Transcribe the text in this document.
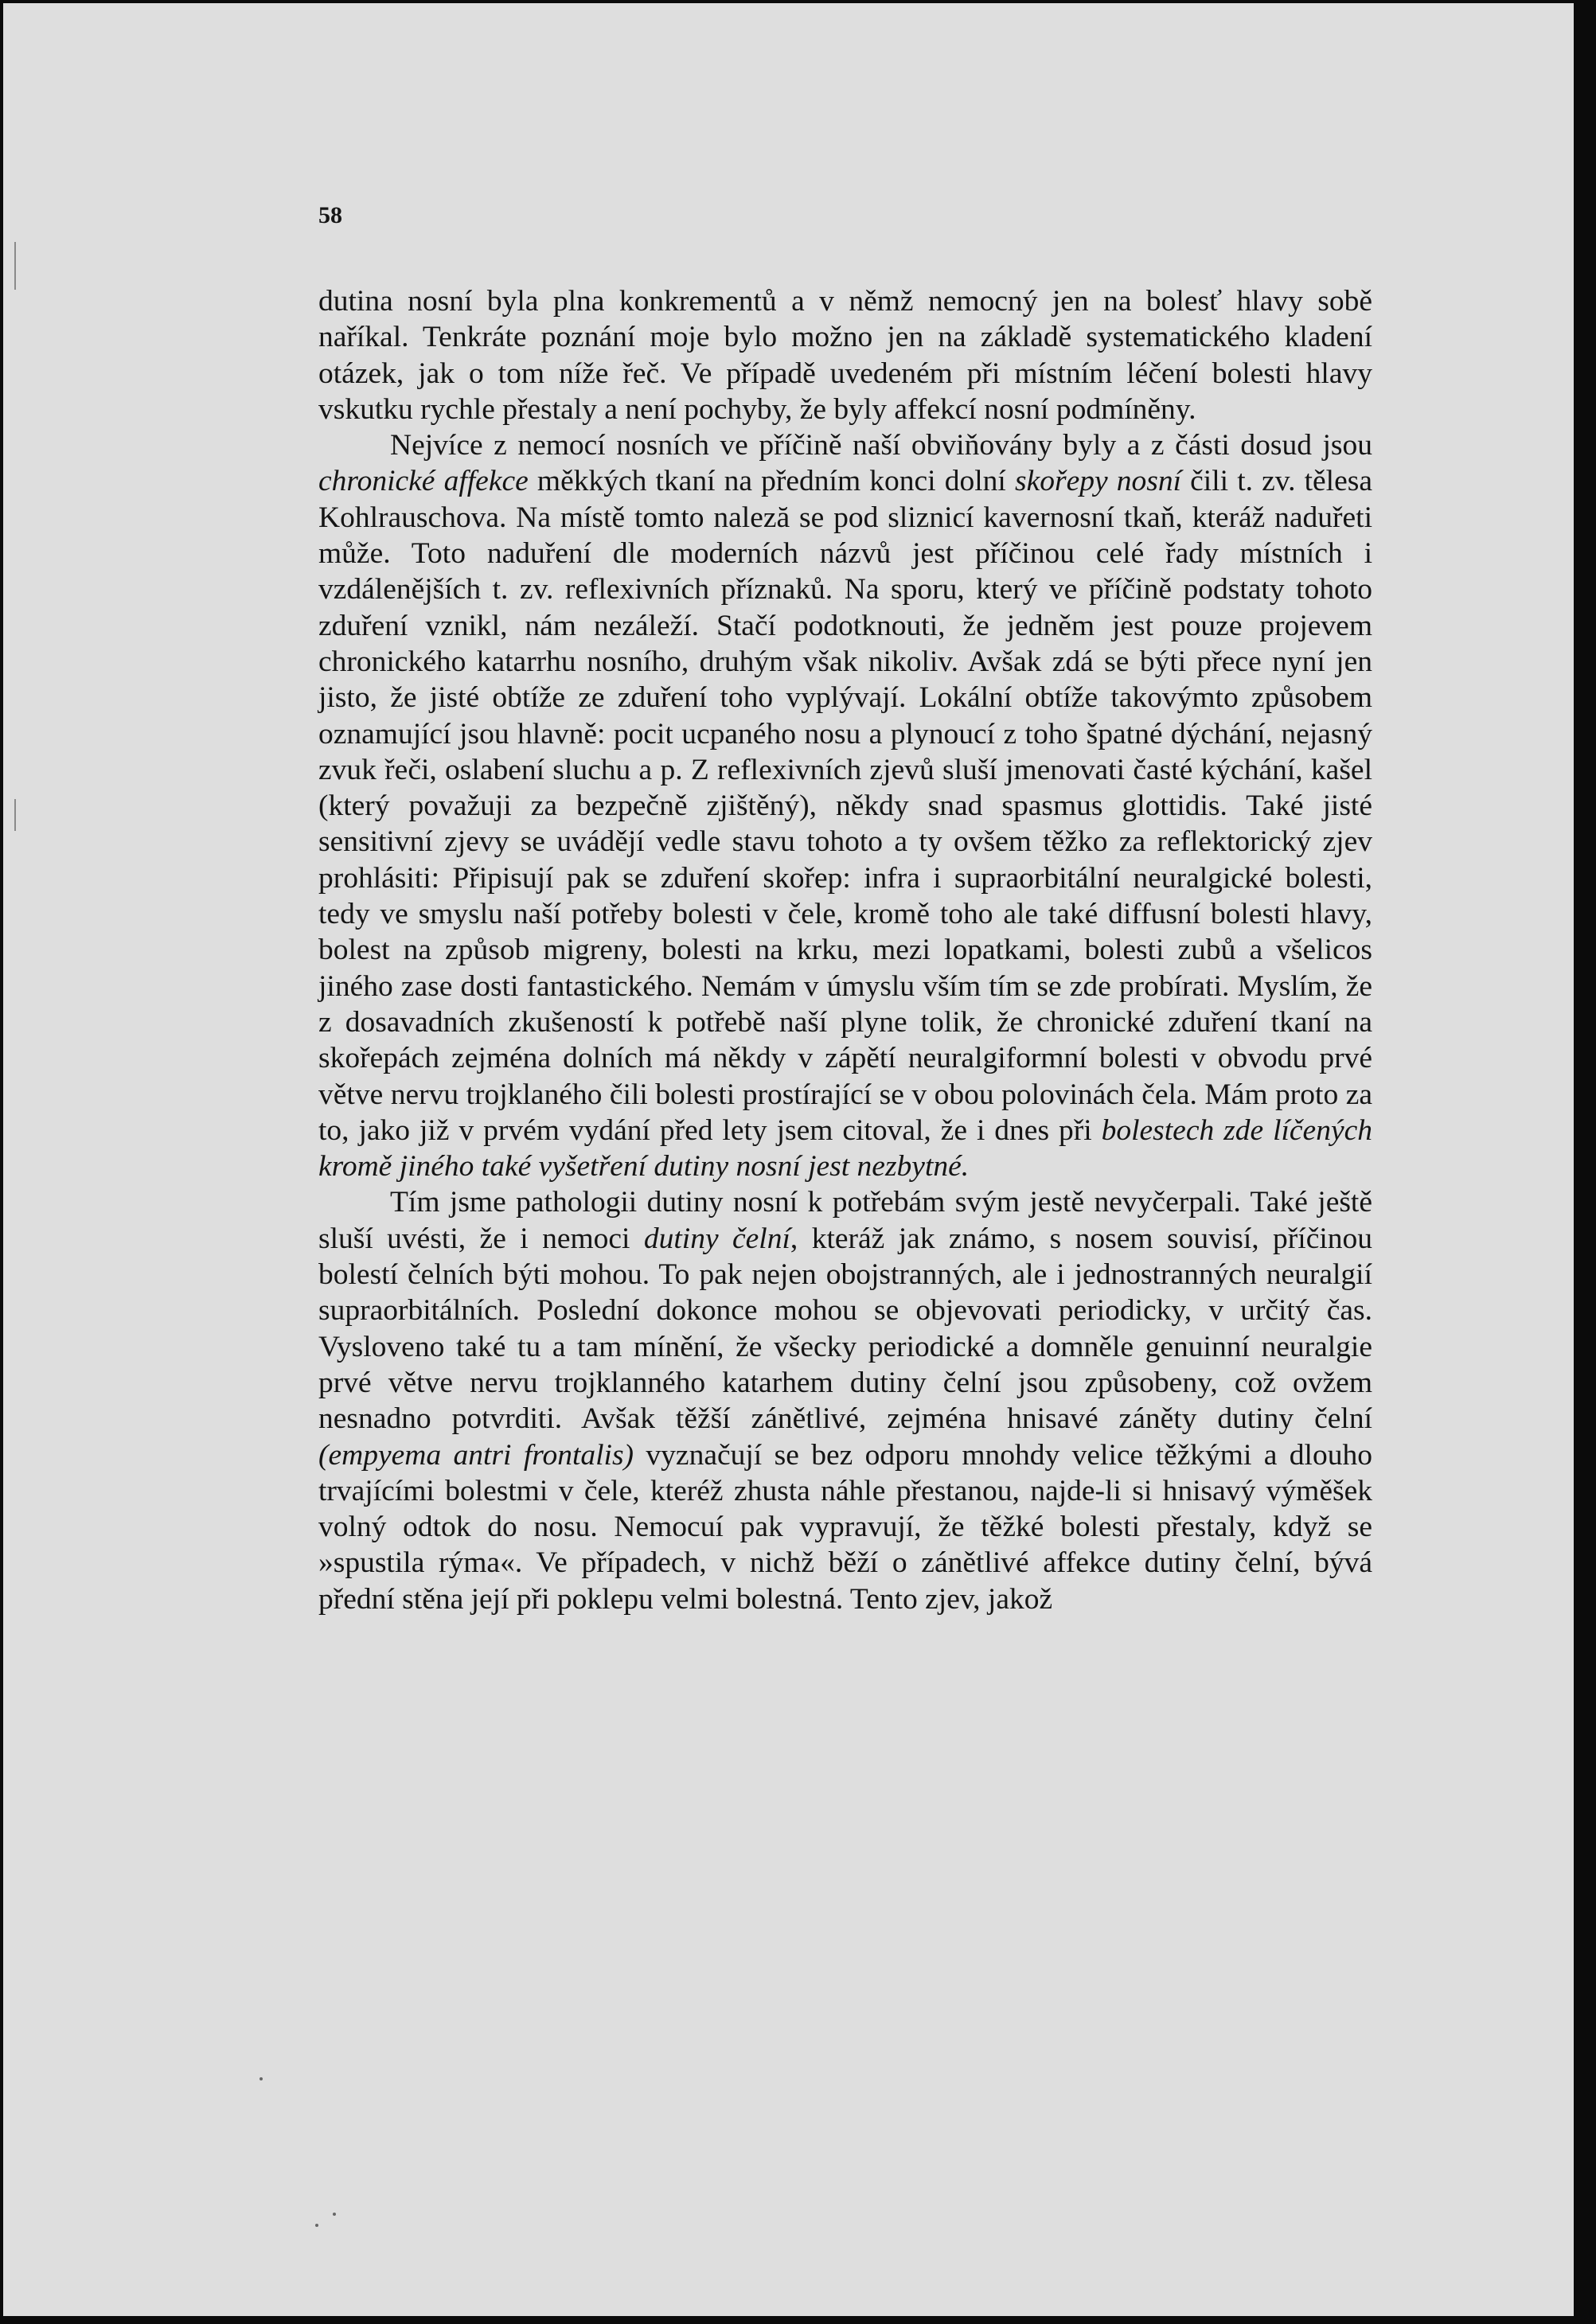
58

dutina nosní byla plna konkrementů a v němž nemocný jen na bolesť hlavy sobě naříkal. Tenkráte poznání moje bylo možno jen na základě systematického kladení otázek, jak o tom níže řeč. Ve případě uvedeném při místním léčení bolesti hlavy vskutku rychle přestaly a není pochyby, že byly affekcí nosní podmíněny.

Nejvíce z nemocí nosních ve příčině naší obviňovány byly a z části dosud jsou chronické affekce měkkých tkaní na předním konci dolní skořepy nosní čili t. zv. tělesa Kohlrauschova. Na místě tomto naleză se pod sliznicí kavernosní tkaň, kteráž naduřeti může. Toto naduření dle moderních názvů jest příčinou celé řady místních i vzdálenějších t. zv. reflexivních příznaků. Na sporu, který ve příčině podstaty tohoto zduření vznikl, nám nezáleží. Stačí podotknouti, že jedněm jest pouze projevem chronického katarrhu nosního, druhým však nikoliv. Avšak zdá se býti přece nyní jen jisto, že jisté obtíže ze zduření toho vyplývají. Lokální obtíže takovýmto způsobem oznamující jsou hlavně: pocit ucpaného nosu a plynoucí z toho špatné dýchání, nejasný zvuk řeči, oslabení sluchu a p. Z reflexivních zjevů sluší jmenovati časté kýchání, kašel (který považuji za bezpečně zjištěný), někdy snad spasmus glottidis. Také jisté sensitivní zjevy se uvádějí vedle stavu tohoto a ty ovšem těžko za reflektorický zjev prohlásiti: Připisují pak se zduření skořep: infra i supraorbitální neuralgické bolesti, tedy ve smyslu naší potřeby bolesti v čele, kromě toho ale také diffusní bolesti hlavy, bolest na způsob migreny, bolesti na krku, mezi lopatkami, bolesti zubů a všelicos jiného zase dosti fantastického. Nemám v úmyslu vším tím se zde probírati. Myslím, že z dosavadních zkušeností k potřebě naší plyne tolik, že chronické zduření tkaní na skořepách zejména dolních má někdy v zápětí neuralgiformní bolesti v obvodu prvé větve nervu trojklaného čili bolesti prostírající se v obou polovinách čela. Mám proto za to, jako již v prvém vydání před lety jsem citoval, že i dnes při bolestech zde líčených kromě jiného také vyšetření dutiny nosní jest nezbytné.

Tím jsme pathologii dutiny nosní k potřebám svým jestě nevyčerpali. Také ještě sluší uvésti, že i nemoci dutiny čelní, kteráž jak známo, s nosem souvisí, příčinou bolestí čelních býti mohou. To pak nejen obojstranných, ale i jednostranných neuralgií supraorbitálních. Poslední dokonce mohou se objevovati periodicky, v určitý čas. Vysloveno také tu a tam mínění, že všecky periodické a domněle genuinní neuralgie prvé větve nervu trojklanného katarhem dutiny čelní jsou způsobeny, což ovžem nesnadno potvrditi. Avšak těžší zánětlivé, zejména hnisavé záněty dutiny čelní (empyema antri frontalis) vyznačují se bez odporu mnohdy velice těžkými a dlouho trvajícími bolestmi v čele, kteréž zhusta náhle přestanou, najde-li si hnisavý výměšek volný odtok do nosu. Nemocuí pak vypravují, že těžké bolesti přestaly, když se »spustila rýma«. Ve případech, v nichž běží o zánětlivé affekce dutiny čelní, bývá přední stěna její při poklepu velmi bolestná. Tento zjev, jakož
